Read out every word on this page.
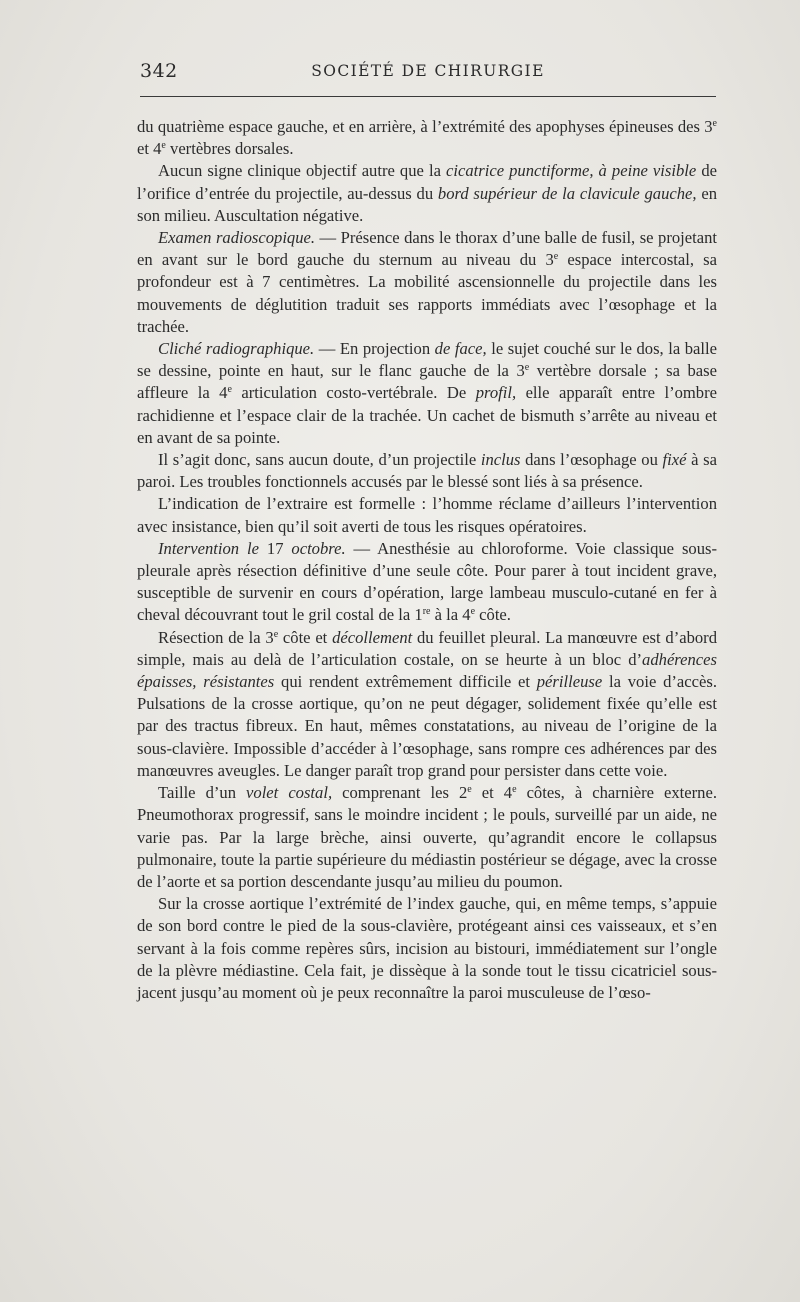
342	SOCIÉTÉ DE CHIRURGIE

du quatrième espace gauche, et en arrière, à l’extrémité des apophyses épineuses des 3e et 4e vertèbres dorsales.

Aucun signe clinique objectif autre que la cicatrice punctiforme, à peine visible de l’orifice d’entrée du projectile, au-dessus du bord supérieur de la clavicule gauche, en son milieu. Auscultation négative.

Examen radioscopique. — Présence dans le thorax d’une balle de fusil, se projetant en avant sur le bord gauche du sternum au niveau du 3e espace intercostal, sa profondeur est à 7 centimètres. La mobilité ascensionnelle du projectile dans les mouvements de déglutition traduit ses rapports immédiats avec l’œsophage et la trachée.

Cliché radiographique. — En projection de face, le sujet couché sur le dos, la balle se dessine, pointe en haut, sur le flanc gauche de la 3e vertèbre dorsale ; sa base affleure la 4e articulation costo-vertébrale. De profil, elle apparaît entre l’ombre rachidienne et l’espace clair de la trachée. Un cachet de bismuth s’arrête au niveau et en avant de sa pointe.

Il s’agit donc, sans aucun doute, d’un projectile inclus dans l’œsophage ou fixé à sa paroi. Les troubles fonctionnels accusés par le blessé sont liés à sa présence.

L’indication de l’extraire est formelle : l’homme réclame d’ailleurs l’intervention avec insistance, bien qu’il soit averti de tous les risques opératoires.

Intervention le 17 octobre. — Anesthésie au chloroforme. Voie classique sous-pleurale après résection définitive d’une seule côte. Pour parer à tout incident grave, susceptible de survenir en cours d’opération, large lambeau musculo-cutané en fer à cheval découvrant tout le gril costal de la 1re à la 4e côte.

Résection de la 3e côte et décollement du feuillet pleural. La manœuvre est d’abord simple, mais au delà de l’articulation costale, on se heurte à un bloc d’adhérences épaisses, résistantes qui rendent extrêmement difficile et périlleuse la voie d’accès. Pulsations de la crosse aortique, qu’on ne peut dégager, solidement fixée qu’elle est par des tractus fibreux. En haut, mêmes constatations, au niveau de l’origine de la sous-clavière. Impossible d’accéder à l’œsophage, sans rompre ces adhérences par des manœuvres aveugles. Le danger paraît trop grand pour persister dans cette voie.

Taille d’un volet costal, comprenant les 2e et 4e côtes, à charnière externe. Pneumothorax progressif, sans le moindre incident ; le pouls, surveillé par un aide, ne varie pas. Par la large brèche, ainsi ouverte, qu’agrandit encore le collapsus pulmonaire, toute la partie supérieure du médiastin postérieur se dégage, avec la crosse de l’aorte et sa portion descendante jusqu’au milieu du poumon.

Sur la crosse aortique l’extrémité de l’index gauche, qui, en même temps, s’appuie de son bord contre le pied de la sous-clavière, protégeant ainsi ces vaisseaux, et s’en servant à la fois comme repères sûrs, incision au bistouri, immédiatement sur l’ongle de la plèvre médiastine. Cela fait, je dissèque à la sonde tout le tissu cicatriciel sous-jacent jusqu’au moment où je peux reconnaître la paroi musculeuse de l’œso-
